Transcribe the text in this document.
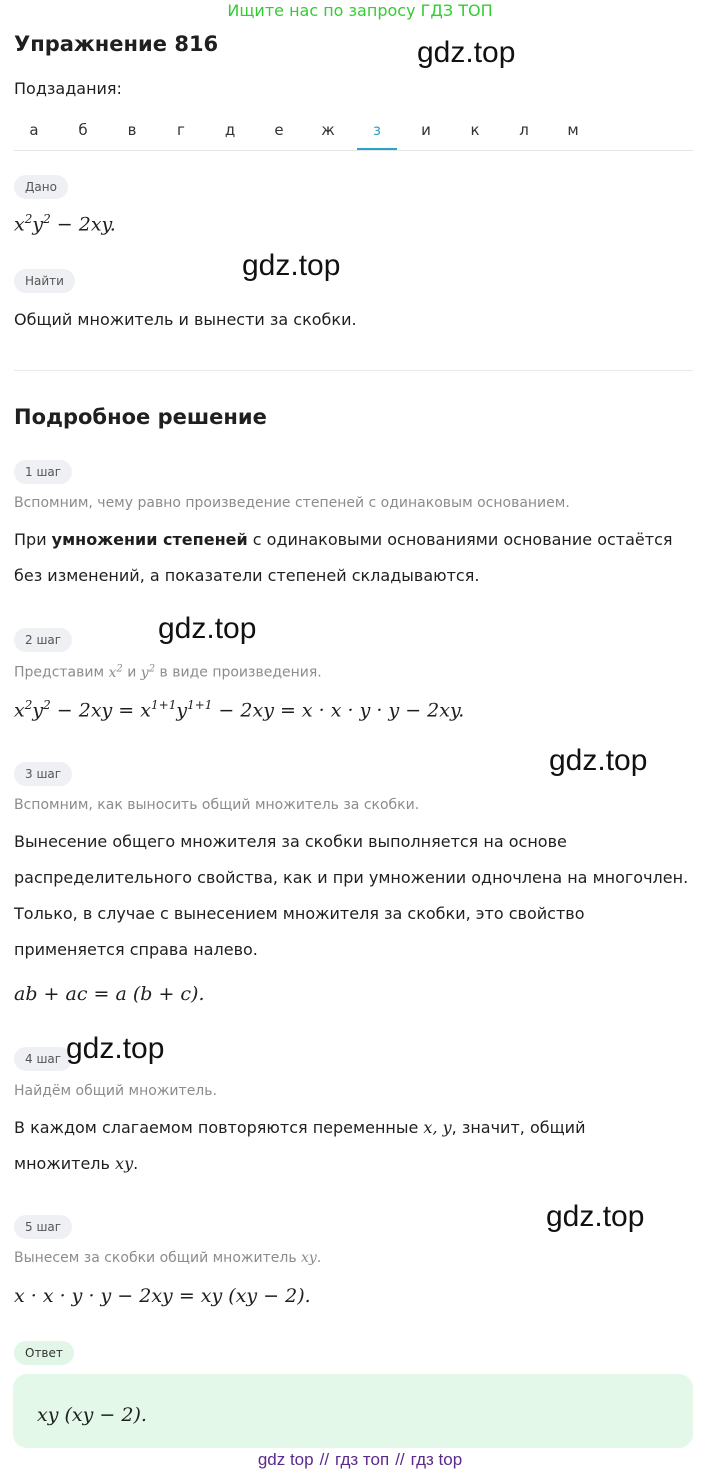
Ищите нас по запросу ГДЗ ТОП
Упражнение 816	gdz.top
Подзадания:
а	б	в	г	д	е	ж	з	и	к	л	м
Дано
$x^2y^2 - 2xy$.
Найти	gdz.top
Общий множитель и вынести за скобки.
Подробное решение
1 шаг
Вспомним, чему равно произведение степеней с одинаковым основанием.
При умножении степеней с одинаковыми основаниями основание остаётся
без изменений, а показатели степеней складываются.
2 шаг	gdz.top
Представим $x^2$ и $y^2$ в виде произведения.
$x^2y^2 - 2xy = x^{1+1}y^{1+1} - 2xy = x \cdot x \cdot y \cdot y - 2xy$.
3 шаг	gdz.top
Вспомним, как выносить общий множитель за скобки.
Вынесение общего множителя за скобки выполняется на основе
распределительного свойства, как и при умножении одночлена на многочлен.
Только, в случае с вынесением множителя за скобки, это свойство
применяется справа налево.
ab + ac = a (b + c).
4 шаг gdz.top
Найдём общий множитель.
В каждом слагаемом повторяются переменные x, y, значит, общий
множитель xy.
5 шаг	gdz.top
Вынесем за скобки общий множитель xy.
x · x · y · y − 2xy = xy (xy − 2).
Ответ
xy (xy − 2).
gdz top // гдз топ // гдз top
